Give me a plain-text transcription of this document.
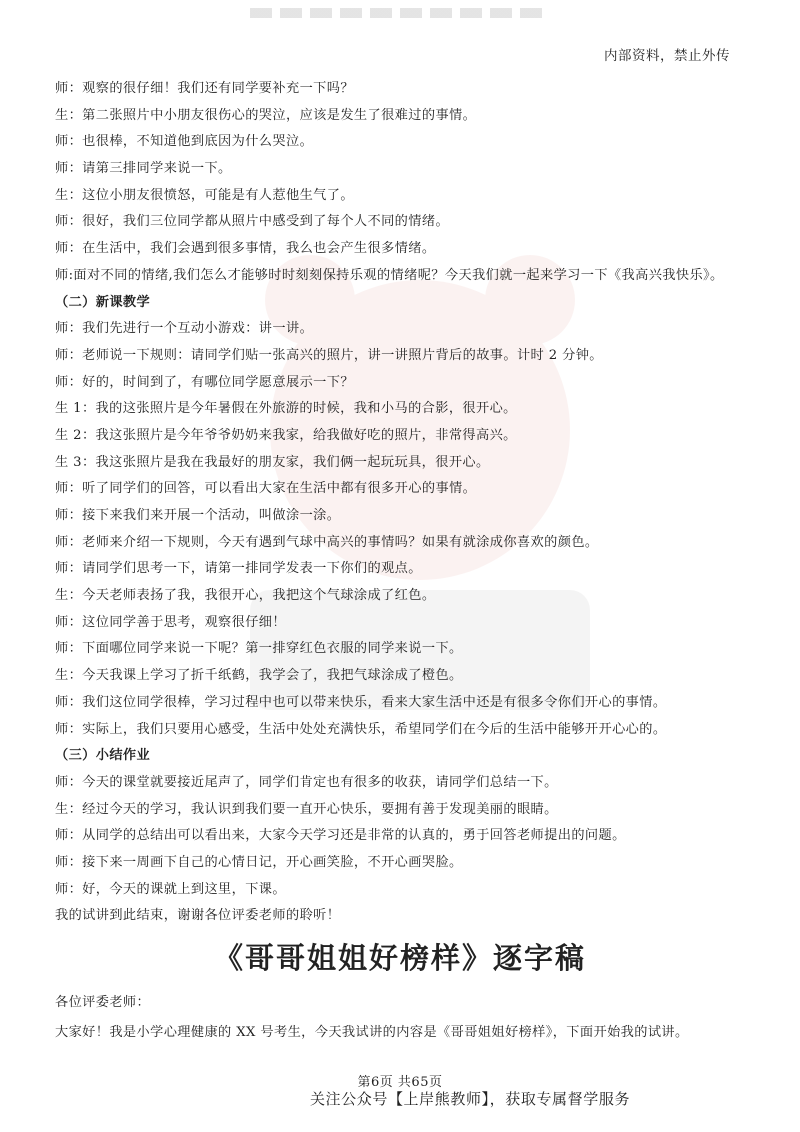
内部资料，禁止外传
师：观察的很仔细！我们还有同学要补充一下吗？
生：第二张照片中小朋友很伤心的哭泣，应该是发生了很难过的事情。
师：也很棒，不知道他到底因为什么哭泣。
师：请第三排同学来说一下。
生：这位小朋友很愤怒，可能是有人惹他生气了。
师：很好，我们三位同学都从照片中感受到了每个人不同的情绪。
师：在生活中，我们会遇到很多事情，我么也会产生很多情绪。
师:面对不同的情绪,我们怎么才能够时时刻刻保持乐观的情绪呢？今天我们就一起来学习一下《我高兴我快乐》。
（二）新课教学
师：我们先进行一个互动小游戏：讲一讲。
师：老师说一下规则：请同学们贴一张高兴的照片，讲一讲照片背后的故事。计时 2 分钟。
师：好的，时间到了，有哪位同学愿意展示一下？
生 1：我的这张照片是今年暑假在外旅游的时候，我和小马的合影，很开心。
生 2：我这张照片是今年爷爷奶奶来我家，给我做好吃的照片，非常得高兴。
生 3：我这张照片是我在我最好的朋友家，我们俩一起玩玩具，很开心。
师：听了同学们的回答，可以看出大家在生活中都有很多开心的事情。
师：接下来我们来开展一个活动，叫做涂一涂。
师：老师来介绍一下规则，今天有遇到气球中高兴的事情吗？如果有就涂成你喜欢的颜色。
师：请同学们思考一下，请第一排同学发表一下你们的观点。
生：今天老师表扬了我，我很开心，我把这个气球涂成了红色。
师：这位同学善于思考，观察很仔细！
师：下面哪位同学来说一下呢？第一排穿红色衣服的同学来说一下。
生：今天我课上学习了折千纸鹤，我学会了，我把气球涂成了橙色。
师：我们这位同学很棒，学习过程中也可以带来快乐，看来大家生活中还是有很多令你们开心的事情。
师：实际上，我们只要用心感受，生活中处处充满快乐，希望同学们在今后的生活中能够开开心心的。
（三）小结作业
师：今天的课堂就要接近尾声了，同学们肯定也有很多的收获，请同学们总结一下。
生：经过今天的学习，我认识到我们要一直开心快乐，要拥有善于发现美丽的眼睛。
师：从同学的总结出可以看出来，大家今天学习还是非常的认真的，勇于回答老师提出的问题。
师：接下来一周画下自己的心情日记，开心画笑脸，不开心画哭脸。
师：好，今天的课就上到这里，下课。
我的试讲到此结束，谢谢各位评委老师的聆听！
《哥哥姐姐好榜样》逐字稿
各位评委老师：
大家好！我是小学心理健康的 XX 号考生，今天我试讲的内容是《哥哥姐姐好榜样》，下面开始我的试讲。
第6页 共65页
关注公众号【上岸熊教师】，获取专属督学服务
